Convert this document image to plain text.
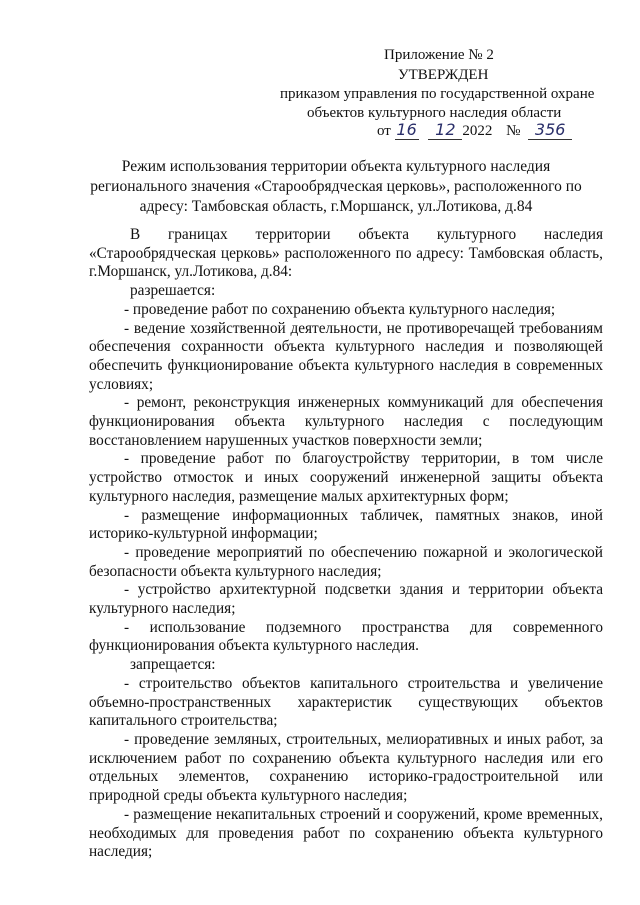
Приложение № 2
УТВЕРЖДЕН
приказом управления по государственной охране
объектов культурного наследия области
от 16 12 2022 № 356
Режим использования территории объекта культурного наследия
регионального значения «Старообрядческая церковь», расположенного по
адресу: Тамбовская область, г.Моршанск, ул.Лотикова, д.84

В границах территории объекта культурного наследия «Старообрядческая церковь» расположенного по адресу: Тамбовская область, г.Моршанск, ул.Лотикова, д.84:

разрешается:

- проведение работ по сохранению объекта культурного наследия;

- ведение хозяйственной деятельности, не противоречащей требованиям обеспечения сохранности объекта культурного наследия и позволяющей обеспечить функционирование объекта культурного наследия в современных условиях;

- ремонт, реконструкция инженерных коммуникаций для обеспечения функционирования объекта культурного наследия с последующим восстановлением нарушенных участков поверхности земли;

- проведение работ по благоустройству территории, в том числе устройство отмосток и иных сооружений инженерной защиты объекта культурного наследия, размещение малых архитектурных форм;

- размещение информационных табличек, памятных знаков, иной историко-культурной информации;

- проведение мероприятий по обеспечению пожарной и экологической безопасности объекта культурного наследия;

- устройство архитектурной подсветки здания и территории объекта культурного наследия;

- использование подземного пространства для современного функционирования объекта культурного наследия.

запрещается:

- строительство объектов капитального строительства и увеличение объемно-пространственных характеристик существующих объектов капитального строительства;

- проведение земляных, строительных, мелиоративных и иных работ, за исключением работ по сохранению объекта культурного наследия или его отдельных элементов, сохранению историко-градостроительной или природной среды объекта культурного наследия;

- размещение некапитальных строений и сооружений, кроме временных, необходимых для проведения работ по сохранению объекта культурного наследия;
